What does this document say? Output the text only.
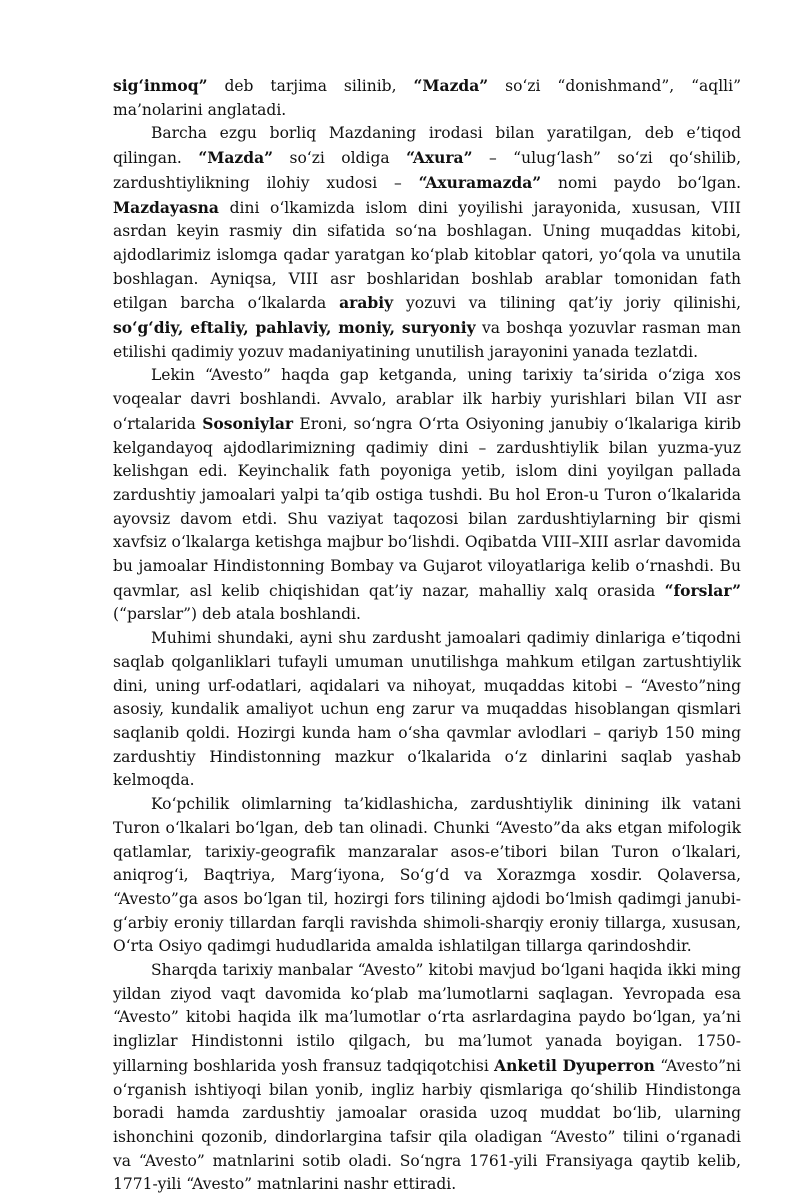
sig‘inmoq” deb tarjima silinib, “Mazda” so‘zi “donishmand”, “aqlli” ma’nolarini anglatadi.

Barcha ezgu borliq Mazdaning irodasi bilan yaratilgan, deb e’tiqod qilingan. “Mazda” so‘zi oldiga “Axura” – “ulug‘lash” so‘zi qo‘shilib, zardushtiylikning ilohiy xudosi – “Axuramazda” nomi paydo bo‘lgan. Mazdayasna dini o‘lkamizda islom dini yoyilishi jarayonida, xususan, VIII asrdan keyin rasmiy din sifatida so‘na boshlagan. Uning muqaddas kitobi, ajdodlarimiz islomga qadar yaratgan ko‘plab kitoblar qatori, yo‘qola va unutila boshlagan. Ayniqsa, VIII asr boshlaridan boshlab arablar tomonidan fath etilgan barcha o‘lkalarda arabiy yozuvi va tilining qat’iy joriy qilinishi, so‘g‘diy, eftaliy, pahlaviy, moniy, suryoniy va boshqa yozuvlar rasman man etilishi qadimiy yozuv madaniyatining unutilish jarayonini yanada tezlatdi.

Lekin “Avesto” haqda gap ketganda, uning tarixiy ta’sirida o‘ziga xos voqealar davri boshlandi. Avvalo, arablar ilk harbiy yurishlari bilan VII asr o‘rtalarida Sosoniylar Eroni, so‘ngra O‘rta Osiyoning janubiy o‘lkalariga kirib kelgandayoq ajdodlarimizning qadimiy dini – zardushtiylik bilan yuzma-yuz kelishgan edi. Keyinchalik fath poyoniga yetib, islom dini yoyilgan pallada zardushtiy jamoalari yalpi ta’qib ostiga tushdi. Bu hol Eron-u Turon o‘lkalarida ayovsiz davom etdi. Shu vaziyat taqozosi bilan zardushtiylarning bir qismi xavfsiz o‘lkalarga ketishga majbur bo‘lishdi. Oqibatda VIII–XIII asrlar davomida bu jamoalar Hindistonning Bombay va Gujarot viloyatlariga kelib o‘rnashdi. Bu qavmlar, asl kelib chiqishidan qat’iy nazar, mahalliy xalq orasida “forslar” (“parslar”) deb atala boshlandi.

Muhimi shundaki, ayni shu zardusht jamoalari qadimiy dinlariga e’tiqodni saqlab qolganliklari tufayli umuman unutilishga mahkum etilgan zartushtiylik dini, uning urf-odatlari, aqidalari va nihoyat, muqaddas kitobi – “Avesto”ning asosiy, kundalik amaliyot uchun eng zarur va muqaddas hisoblangan qismlari saqlanib qoldi. Hozirgi kunda ham o‘sha qavmlar avlodlari – qariyb 150 ming zardushtiy Hindistonning mazkur o‘lkalarida o‘z dinlarini saqlab yashab kelmoqda.

Ko‘pchilik olimlarning ta’kidlashicha, zardushtiylik dinining ilk vatani Turon o‘lkalari bo‘lgan, deb tan olinadi. Chunki “Avesto”da aks etgan mifologik qatlamlar, tarixiy-geografik manzaralar asos-e’tibori bilan Turon o‘lkalari, aniqrog‘i, Baqtriya, Marg‘iyona, So‘g‘d va Xorazmga xosdir. Qolaversa, “Avesto”ga asos bo‘lgan til, hozirgi fors tilining ajdodi bo‘lmish qadimgi janubi-g‘arbiy eroniy tillardan farqli ravishda shimoli-sharqiy eroniy tillarga, xususan, O‘rta Osiyo qadimgi hududlarida amalda ishlatilgan tillarga qarindoshdir.

Sharqda tarixiy manbalar “Avesto” kitobi mavjud bo‘lgani haqida ikki ming yildan ziyod vaqt davomida ko‘plab ma’lumotlarni saqlagan. Yevropada esa “Avesto” kitobi haqida ilk ma’lumotlar o‘rta asrlardagina paydo bo‘lgan, ya’ni inglizlar Hindistonni istilo qilgach, bu ma’lumot yanada boyigan. 1750-yillarning boshlarida yosh fransuz tadqiqotchisi Anketil Dyuperron “Avesto”ni o‘rganish ishtiyoqi bilan yonib, ingliz harbiy qismlariga qo‘shilib Hindistonga boradi hamda zardushtiy jamoalar orasida uzoq muddat bo‘lib, ularning ishonchini qozonib, dindorlargina tafsir qila oladigan “Avesto” tilini o‘rganadi va “Avesto” matnlarini sotib oladi. So‘ngra 1761-yili Fransiyaga qaytib kelib, 1771-yili “Avesto” matnlarini nashr ettiradi.
